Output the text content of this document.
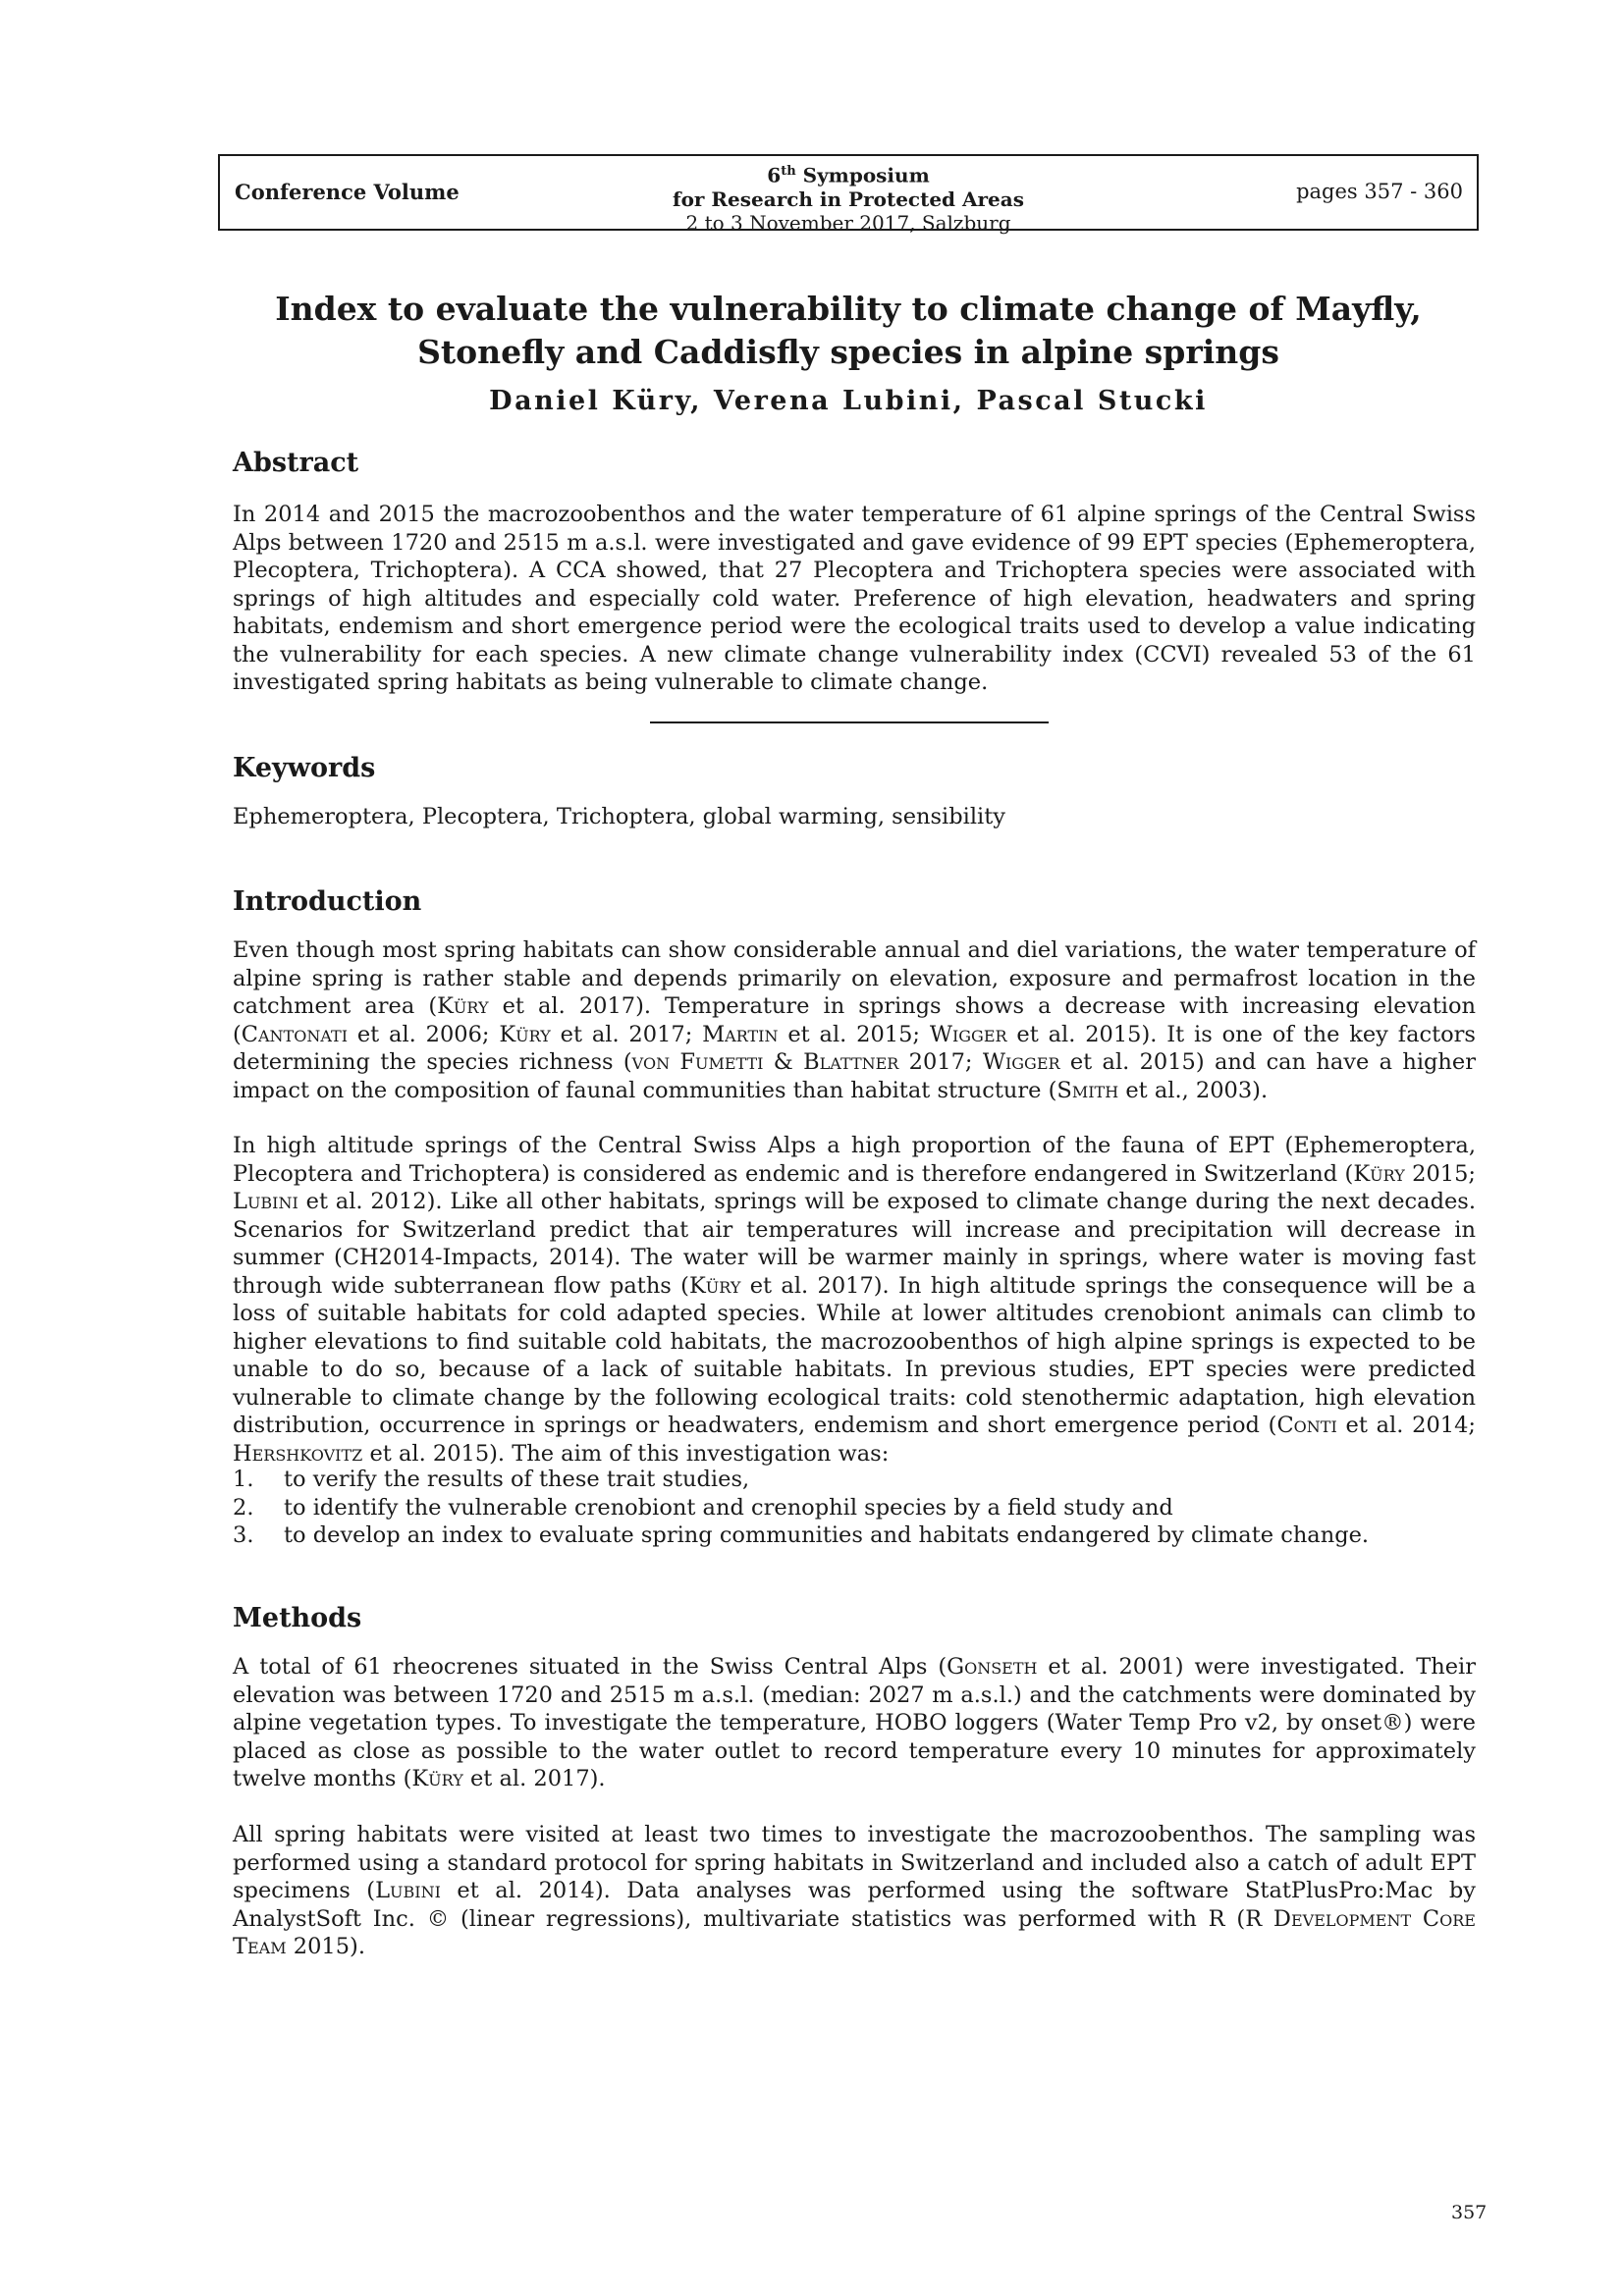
Conference Volume
6th Symposium
for Research in Protected Areas
2 to 3 November 2017, Salzburg
pages 357 - 360
Index to evaluate the vulnerability to climate change of Mayfly, Stonefly and Caddisfly species in alpine springs
Daniel Küry, Verena Lubini, Pascal Stucki
Abstract

In 2014 and 2015 the macrozoobenthos and the water temperature of 61 alpine springs of the Central Swiss Alps between 1720 and 2515 m a.s.l. were investigated and gave evidence of 99 EPT species (Ephemeroptera, Plecoptera, Trichoptera). A CCA showed, that 27 Plecoptera and Trichoptera species were associated with springs of high altitudes and especially cold water. Preference of high elevation, headwaters and spring habitats, endemism and short emergence period were the ecological traits used to develop a value indicating the vulnerability for each species. A new climate change vulnerability index (CCVI) revealed 53 of the 61 investigated spring habitats as being vulnerable to climate change.

Keywords

Ephemeroptera, Plecoptera, Trichoptera, global warming, sensibility

Introduction

Even though most spring habitats can show considerable annual and diel variations, the water temperature of alpine spring is rather stable and depends primarily on elevation, exposure and permafrost location in the catchment area (Küry et al. 2017). Temperature in springs shows a decrease with increasing elevation (Cantonati et al. 2006; Küry et al. 2017; Martin et al. 2015; Wigger et al. 2015). It is one of the key factors determining the species richness (von Fumetti & Blattner 2017; Wigger et al. 2015) and can have a higher impact on the composition of faunal communities than habitat structure (Smith et al., 2003).

In high altitude springs of the Central Swiss Alps a high proportion of the fauna of EPT (Ephemeroptera, Plecoptera and Trichoptera) is considered as endemic and is therefore endangered in Switzerland (Küry 2015; Lubini et al. 2012). Like all other habitats, springs will be exposed to climate change during the next decades. Scenarios for Switzerland predict that air temperatures will increase and precipitation will decrease in summer (CH2014-Impacts, 2014). The water will be warmer mainly in springs, where water is moving fast through wide subterranean flow paths (Küry et al. 2017). In high altitude springs the consequence will be a loss of suitable habitats for cold adapted species. While at lower altitudes crenobiont animals can climb to higher elevations to find suitable cold habitats, the macrozoobenthos of high alpine springs is expected to be unable to do so, because of a lack of suitable habitats. In previous studies, EPT species were predicted vulnerable to climate change by the following ecological traits: cold stenothermic adaptation, high elevation distribution, occurrence in springs or headwaters, endemism and short emergence period (Conti et al. 2014; Hershkovitz et al. 2015). The aim of this investigation was:

1. to verify the results of these trait studies,
2. to identify the vulnerable crenobiont and crenophil species by a field study and
3. to develop an index to evaluate spring communities and habitats endangered by climate change.
Methods

A total of 61 rheocrenes situated in the Swiss Central Alps (Gonseth et al. 2001) were investigated. Their elevation was between 1720 and 2515 m a.s.l. (median: 2027 m a.s.l.) and the catchments were dominated by alpine vegetation types. To investigate the temperature, HOBO loggers (Water Temp Pro v2, by onset®) were placed as close as possible to the water outlet to record temperature every 10 minutes for approximately twelve months (Küry et al. 2017).

All spring habitats were visited at least two times to investigate the macrozoobenthos. The sampling was performed using a standard protocol for spring habitats in Switzerland and included also a catch of adult EPT specimens (Lubini et al. 2014). Data analyses was performed using the software StatPlusPro:Mac by AnalystSoft Inc. © (linear regressions), multivariate statistics was performed with R (R Development Core Team 2015).

357
